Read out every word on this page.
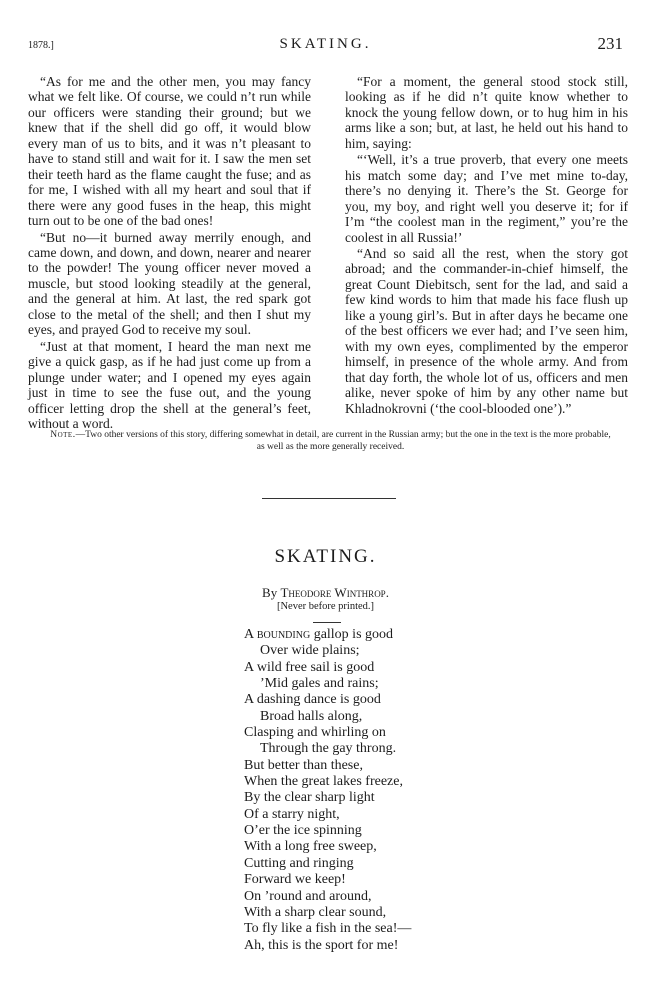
1878.]	SKATING.	231

“As for me and the other men, you may fancy what we felt like. Of course, we could n’t run while our officers were standing their ground; but we knew that if the shell did go off, it would blow every man of us to bits, and it was n’t pleasant to have to stand still and wait for it. I saw the men set their teeth hard as the flame caught the fuse; and as for me, I wished with all my heart and soul that if there were any good fuses in the heap, this might turn out to be one of the bad ones!

“But no—it burned away merrily enough, and came down, and down, and down, nearer and nearer to the powder! The young officer never moved a muscle, but stood looking steadily at the general, and the general at him. At last, the red spark got close to the metal of the shell; and then I shut my eyes, and prayed God to receive my soul.

“Just at that moment, I heard the man next me give a quick gasp, as if he had just come up from a plunge under water; and I opened my eyes again just in time to see the fuse out, and the young officer letting drop the shell at the general’s feet, without a word.

“For a moment, the general stood stock still, looking as if he did n’t quite know whether to knock the young fellow down, or to hug him in his arms like a son; but, at last, he held out his hand to him, saying:

“‘Well, it’s a true proverb, that every one meets his match some day; and I’ve met mine to-day, there’s no denying it. There’s the St. George for you, my boy, and right well you deserve it; for if I’m “the coolest man in the regiment,” you’re the coolest in all Russia!’

“And so said all the rest, when the story got abroad; and the commander-in-chief himself, the great Count Diebitsch, sent for the lad, and said a few kind words to him that made his face flush up like a young girl’s. But in after days he became one of the best officers we ever had; and I’ve seen him, with my own eyes, complimented by the emperor himself, in presence of the whole army. And from that day forth, the whole lot of us, officers and men alike, never spoke of him by any other name but Khladnokrovni (‘the cool-blooded one’).”

Note.—Two other versions of this story, differing somewhat in detail, are current in the Russian army; but the one in the text is the more probable, as well as the more generally received.
SKATING.
By Theodore Winthrop.
[Never before printed.]
A bounding gallop is good
Over wide plains;
A wild free sail is good
’Mid gales and rains;
A dashing dance is good
Broad halls along,
Clasping and whirling on
Through the gay throng.
But better than these,
When the great lakes freeze,
By the clear sharp light
Of a starry night,
O’er the ice spinning
With a long free sweep,
Cutting and ringing
Forward we keep!
On ’round and around,
With a sharp clear sound,
To fly like a fish in the sea!—
Ah, this is the sport for me!
